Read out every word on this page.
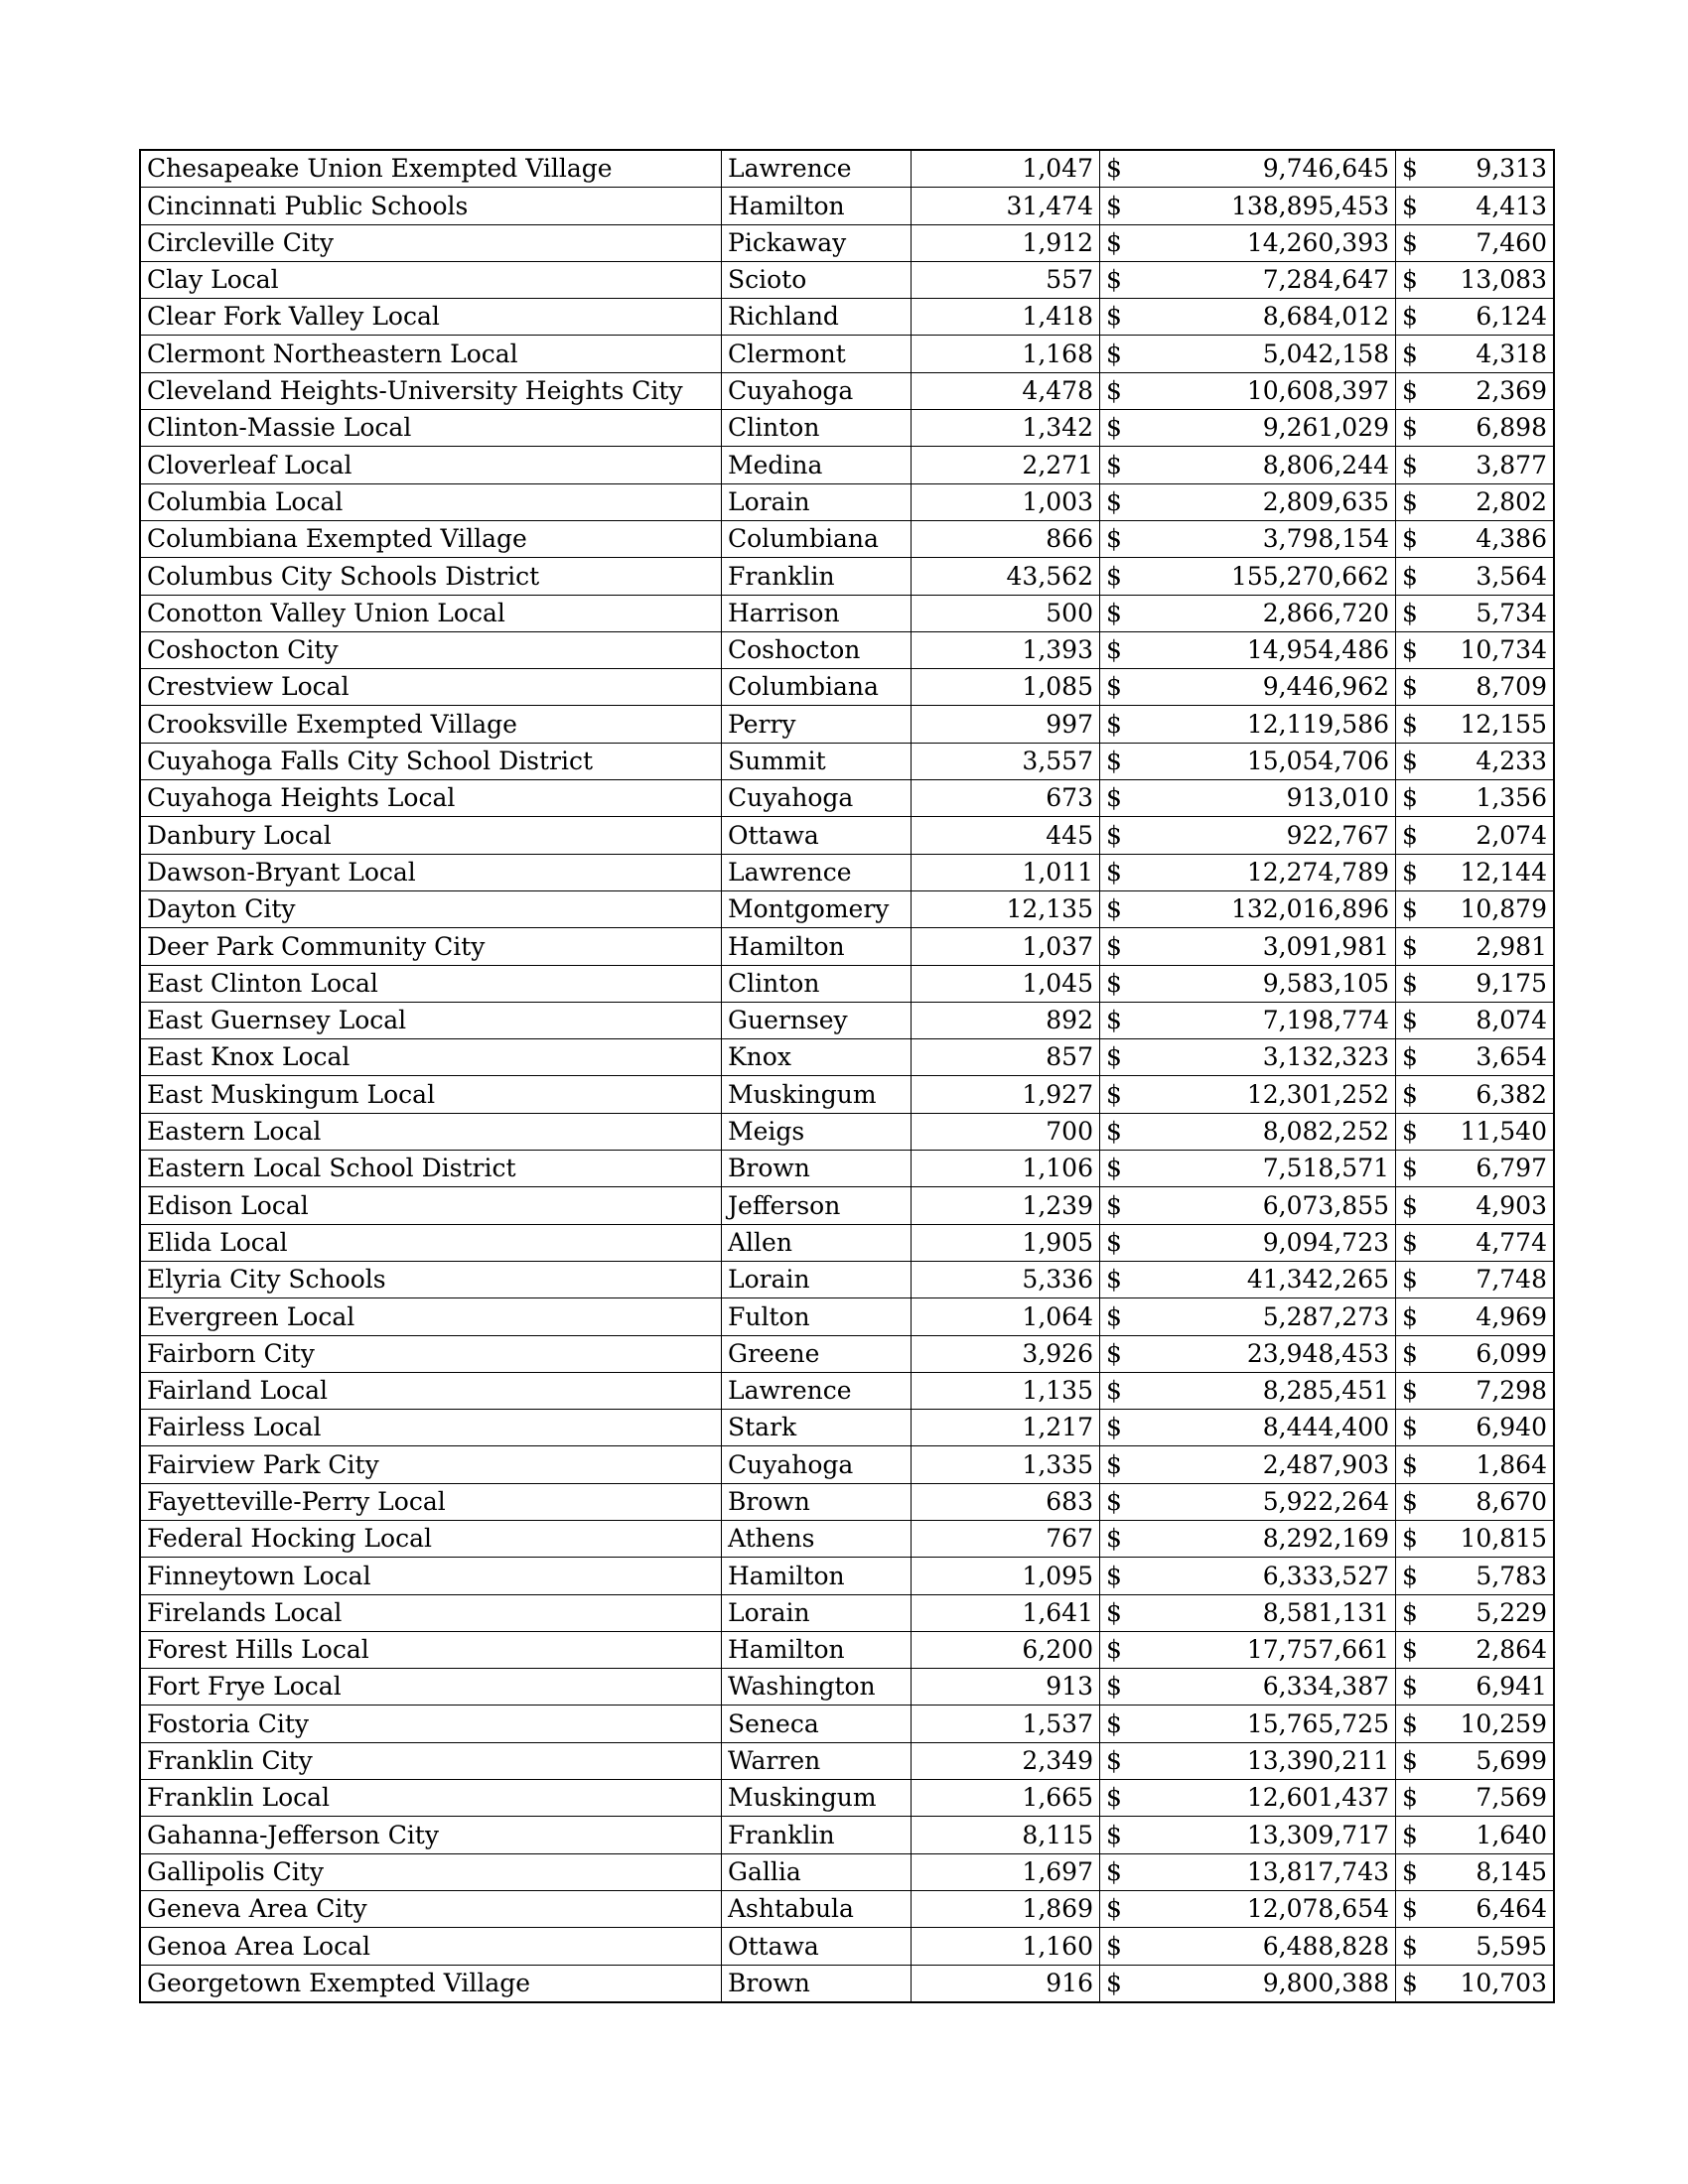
Chesapeake Union Exempted Village	Lawrence	1,047	$	9,746,645	$	9,313
Cincinnati Public Schools	Hamilton	31,474	$	138,895,453	$	4,413
Circleville City	Pickaway	1,912	$	14,260,393	$	7,460
Clay Local	Scioto	557	$	7,284,647	$	13,083
Clear Fork Valley Local	Richland	1,418	$	8,684,012	$	6,124
Clermont Northeastern Local	Clermont	1,168	$	5,042,158	$	4,318
Cleveland Heights-University Heights City	Cuyahoga	4,478	$	10,608,397	$	2,369
Clinton-Massie Local	Clinton	1,342	$	9,261,029	$	6,898
Cloverleaf Local	Medina	2,271	$	8,806,244	$	3,877
Columbia Local	Lorain	1,003	$	2,809,635	$	2,802
Columbiana Exempted Village	Columbiana	866	$	3,798,154	$	4,386
Columbus City Schools District	Franklin	43,562	$	155,270,662	$	3,564
Conotton Valley Union Local	Harrison	500	$	2,866,720	$	5,734
Coshocton City	Coshocton	1,393	$	14,954,486	$	10,734
Crestview Local	Columbiana	1,085	$	9,446,962	$	8,709
Crooksville Exempted Village	Perry	997	$	12,119,586	$	12,155
Cuyahoga Falls City School District	Summit	3,557	$	15,054,706	$	4,233
Cuyahoga Heights Local	Cuyahoga	673	$	913,010	$	1,356
Danbury Local	Ottawa	445	$	922,767	$	2,074
Dawson-Bryant Local	Lawrence	1,011	$	12,274,789	$	12,144
Dayton City	Montgomery	12,135	$	132,016,896	$	10,879
Deer Park Community City	Hamilton	1,037	$	3,091,981	$	2,981
East Clinton Local	Clinton	1,045	$	9,583,105	$	9,175
East Guernsey Local	Guernsey	892	$	7,198,774	$	8,074
East Knox Local	Knox	857	$	3,132,323	$	3,654
East Muskingum Local	Muskingum	1,927	$	12,301,252	$	6,382
Eastern Local	Meigs	700	$	8,082,252	$	11,540
Eastern Local School District	Brown	1,106	$	7,518,571	$	6,797
Edison Local	Jefferson	1,239	$	6,073,855	$	4,903
Elida Local	Allen	1,905	$	9,094,723	$	4,774
Elyria City Schools	Lorain	5,336	$	41,342,265	$	7,748
Evergreen Local	Fulton	1,064	$	5,287,273	$	4,969
Fairborn City	Greene	3,926	$	23,948,453	$	6,099
Fairland Local	Lawrence	1,135	$	8,285,451	$	7,298
Fairless Local	Stark	1,217	$	8,444,400	$	6,940
Fairview Park City	Cuyahoga	1,335	$	2,487,903	$	1,864
Fayetteville-Perry Local	Brown	683	$	5,922,264	$	8,670
Federal Hocking Local	Athens	767	$	8,292,169	$	10,815
Finneytown Local	Hamilton	1,095	$	6,333,527	$	5,783
Firelands Local	Lorain	1,641	$	8,581,131	$	5,229
Forest Hills Local	Hamilton	6,200	$	17,757,661	$	2,864
Fort Frye Local	Washington	913	$	6,334,387	$	6,941
Fostoria City	Seneca	1,537	$	15,765,725	$	10,259
Franklin City	Warren	2,349	$	13,390,211	$	5,699
Franklin Local	Muskingum	1,665	$	12,601,437	$	7,569
Gahanna-Jefferson City	Franklin	8,115	$	13,309,717	$	1,640
Gallipolis City	Gallia	1,697	$	13,817,743	$	8,145
Geneva Area City	Ashtabula	1,869	$	12,078,654	$	6,464
Genoa Area Local	Ottawa	1,160	$	6,488,828	$	5,595
Georgetown Exempted Village	Brown	916	$	9,800,388	$	10,703
